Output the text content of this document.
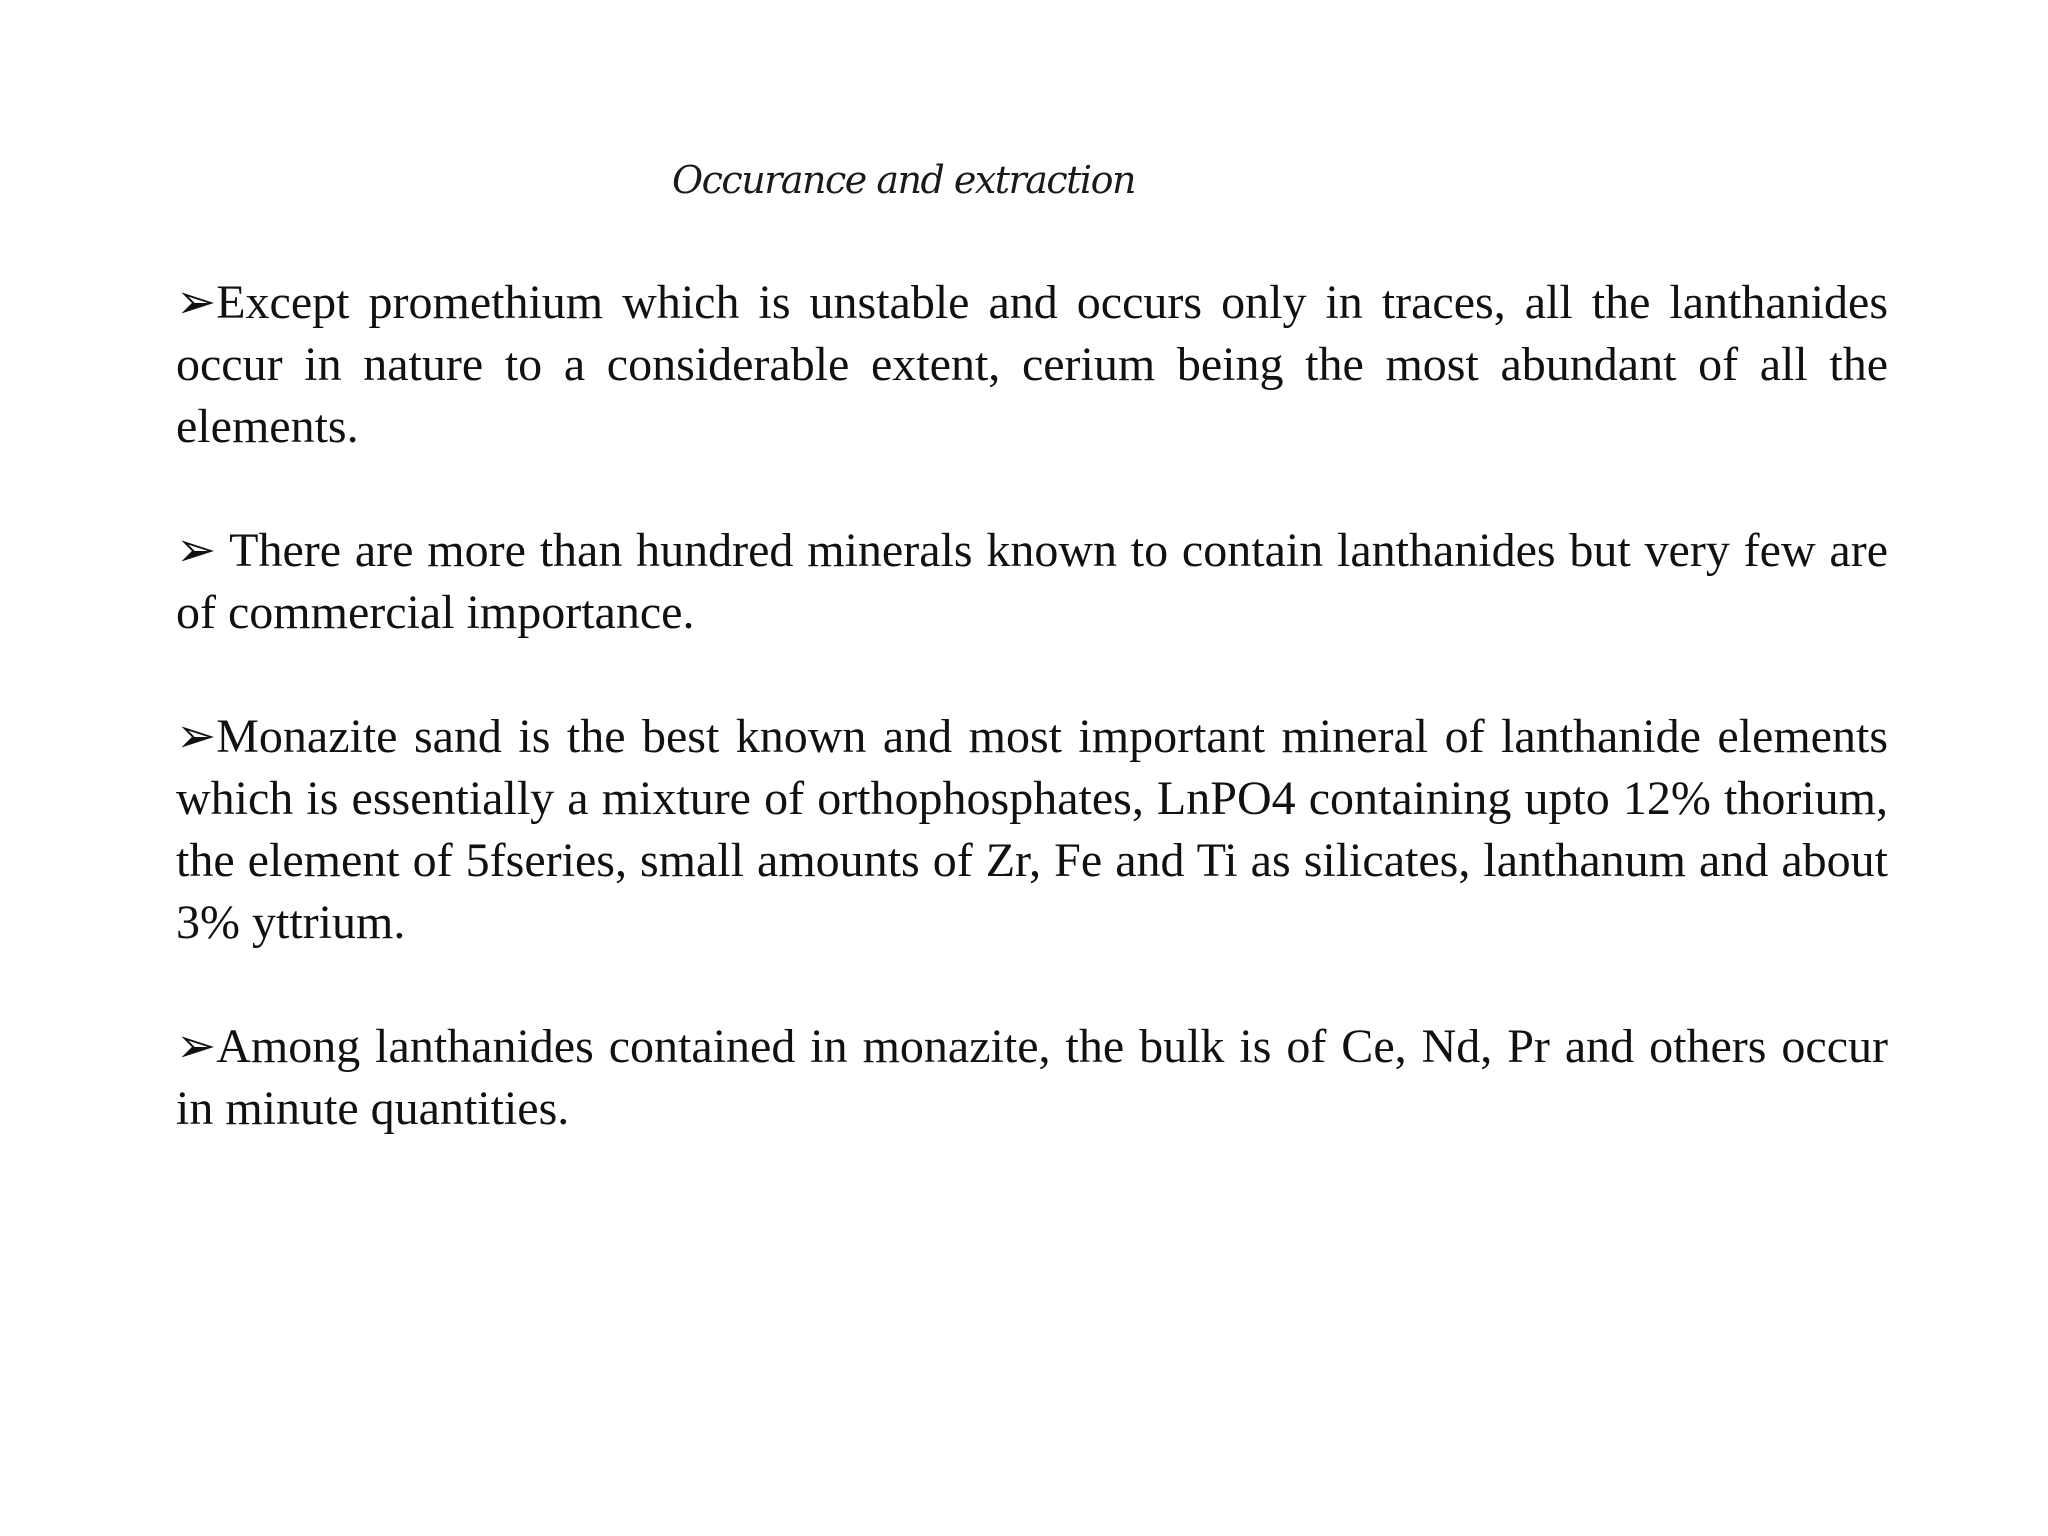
Occurance and extraction

➢Except promethium which is unstable and occurs only in traces, all the lanthanides occur in nature to a considerable extent, cerium being the most abundant of all the elements.

➢ There are more than hundred minerals known to contain lanthanides but very few are of commercial importance.

➢Monazite sand is the best known and most important mineral of lanthanide elements which is essentially a mixture of orthophosphates, LnPO4 containing upto 12% thorium, the element of 5fseries, small amounts of Zr, Fe and Ti as silicates, lanthanum and about 3% yttrium.

➢Among lanthanides contained in monazite, the bulk is of Ce, Nd, Pr and others occur in minute quantities.
